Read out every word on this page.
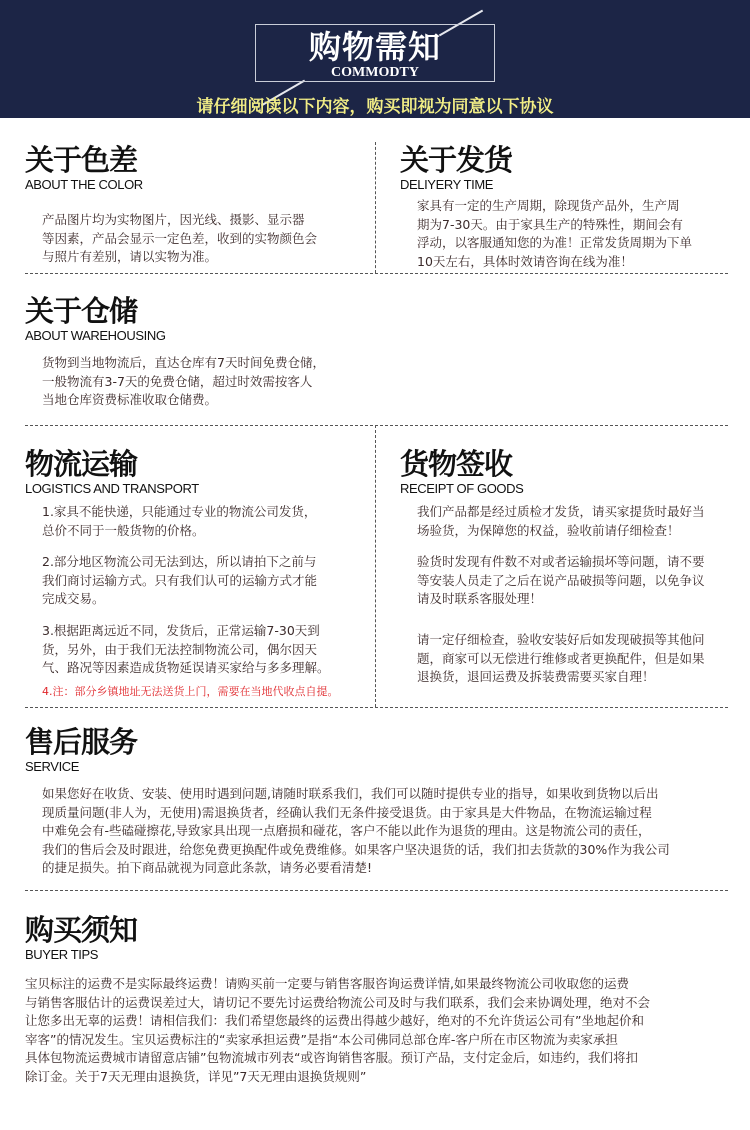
购物需知
COMMODTY
请仔细阅读以下内容，购买即视为同意以下协议
关于色差
ABOUT THE COLOR
产品图片均为实物图片，因光线、摄影、显示器
等因素，产品会显示一定色差，收到的实物颜色会
与照片有差别，请以实物为准。
关于发货
DELIYERY TIME
家具有一定的生产周期，除现货产品外，生产周
期为7-30天。由于家具生产的特殊性，期间会有
浮动，以客服通知您的为准！正常发货周期为下单
10天左右，具体时效请咨询在线为准！
关于仓储
ABOUT WAREHOUSING
货物到当地物流后，直达仓库有7天时间免费仓储，
一般物流有3-7天的免费仓储，超过时效需按客人
当地仓库资费标准收取仓储费。
物流运输
LOGISTICS AND TRANSPORT
1.家具不能快递，只能通过专业的物流公司发货，
总价不同于一般货物的价格。
2.部分地区物流公司无法到达，所以请拍下之前与
我们商讨运输方式。只有我们认可的运输方式才能
完成交易。
3.根据距离远近不同，发货后，正常运输7-30天到
货，另外，由于我们无法控制物流公司，偶尔因天
气、路况等因素造成货物延误请买家给与多多理解。
4.注：部分乡镇地址无法送货上门，需要在当地代收点自提。
货物签收
RECEIPT OF GOODS
我们产品都是经过质检才发货，请买家提货时最好当
场验货，为保障您的权益，验收前请仔细检查！
验货时发现有件数不对或者运输损坏等问题，请不要
等安装人员走了之后在说产品破损等问题，以免争议
请及时联系客服处理！
请一定仔细检查，验收安装好后如发现破损等其他问
题，商家可以无偿进行维修或者更换配件，但是如果
退换货，退回运费及拆装费需要买家自理！
售后服务
SERVICE
如果您好在收货、安装、使用时遇到问题,请随时联系我们，我们可以随时提供专业的指导，如果收到货物以后出
现质量问题(非人为，无使用)需退换货者，经确认我们无条件接受退货。由于家具是大件物品，在物流运输过程
中难免会有-些磕碰擦花,导致家具出现一点磨损和碰花，客户不能以此作为退货的理由。这是物流公司的责任，
我们的售后会及时跟进，给您免费更换配件或免费维修。如果客户坚决退货的话，我们扣去货款的30%作为我公司
的捷足损失。拍下商品就视为同意此条款，请务必要看清楚!
购买须知
BUYER TIPS
宝贝标注的运费不是实际最终运费！请购买前一定要与销售客服咨询运费详情,如果最终物流公司收取您的运费
与销售客服估计的运费误差过大，请切记不要先讨运费给物流公司及时与我们联系，我们会来协调处理，绝对不会
让您多出无辜的运费！请相信我们：我们希望您最终的运费出得越少越好，绝对的不允许货运公司有”坐地起价和
宰客”的情况发生。宝贝运费标注的“卖家承担运费”是指“本公司佛同总部仓库-客户所在市区物流为卖家承担
具体包物流运费城市请留意店铺”包物流城市列表“或咨询销售客服。预订产品，支付定金后，如违约，我们将扣
除订金。关于7天无理由退换货，详见”7天无理由退换货规则”
